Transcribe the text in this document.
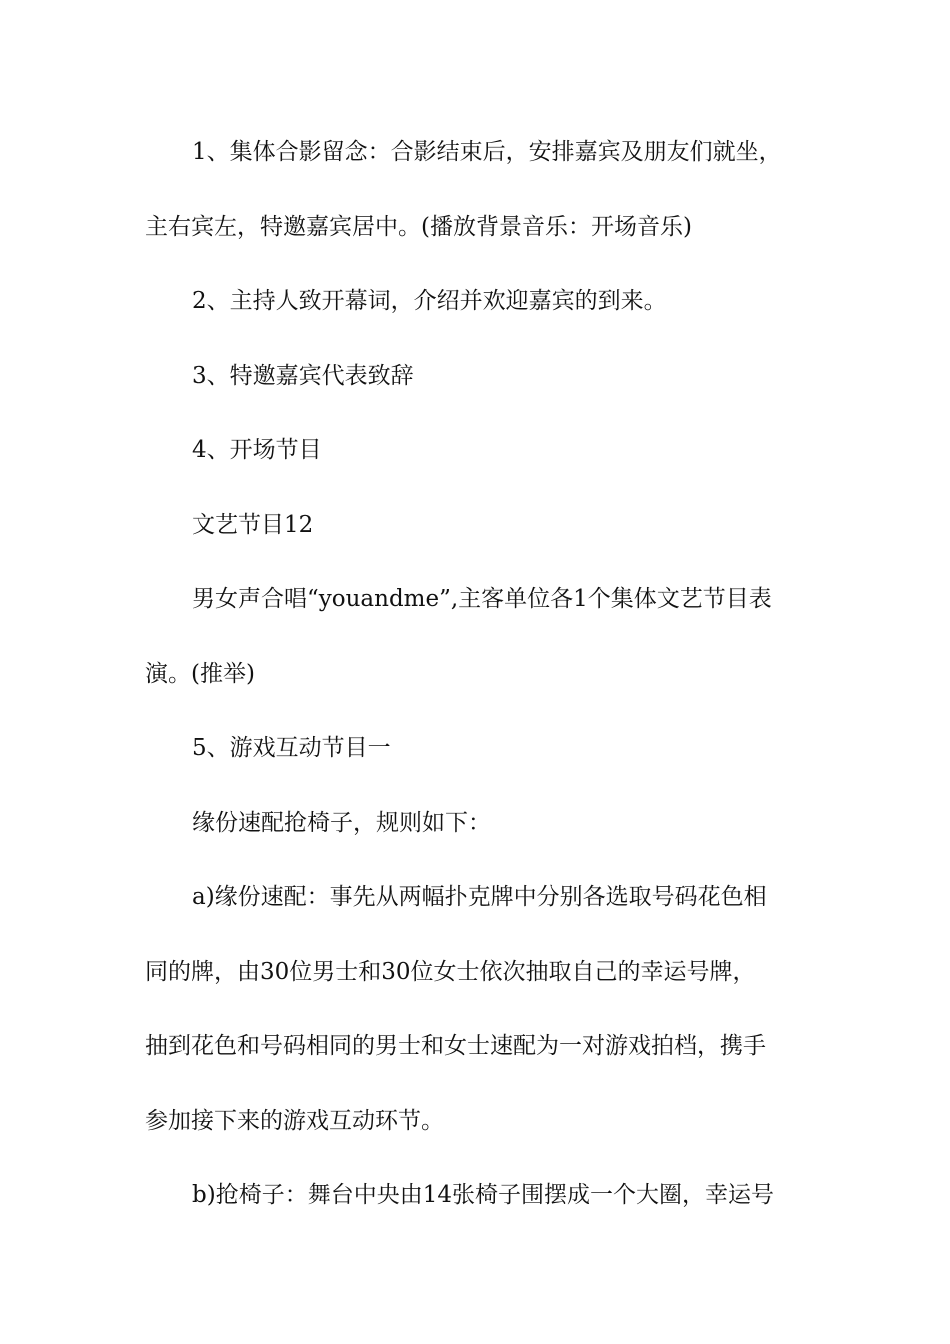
1、集体合影留念：合影结束后，安排嘉宾及朋友们就坐，
主右宾左，特邀嘉宾居中。(播放背景音乐：开场音乐)
2、主持人致开幕词，介绍并欢迎嘉宾的到来。
3、特邀嘉宾代表致辞
4、开场节目
文艺节目12
男女声合唱“youandme”,主客单位各1个集体文艺节目表
演。(推举)
5、游戏互动节目一
缘份速配抢椅子，规则如下：
a)缘份速配：事先从两幅扑克牌中分别各选取号码花色相
同的牌，由30位男士和30位女士依次抽取自己的幸运号牌，
抽到花色和号码相同的男士和女士速配为一对游戏拍档，携手
参加接下来的游戏互动环节。
b)抢椅子：舞台中央由14张椅子围摆成一个大圈，幸运号
